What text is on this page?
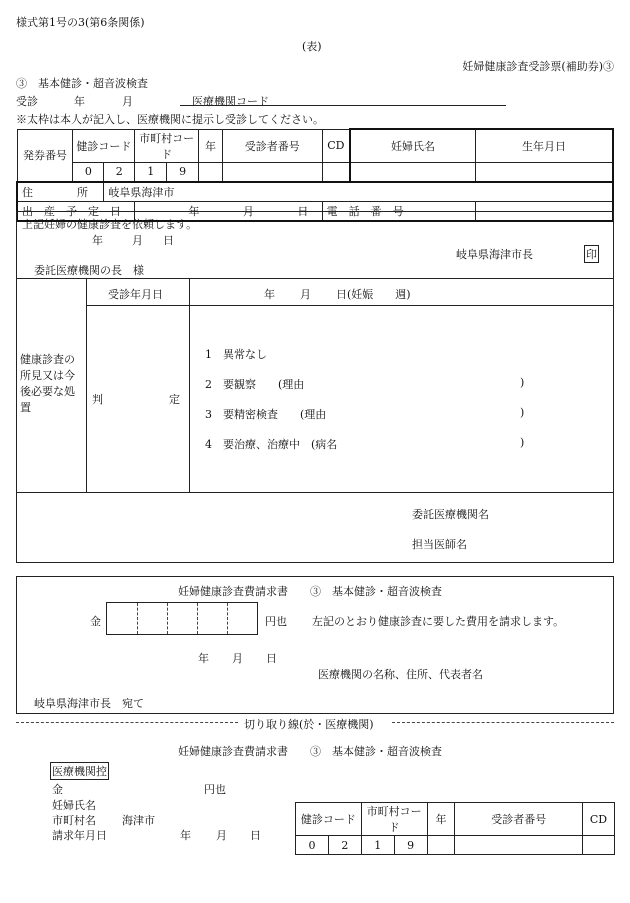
様式第1号の3(第6条関係)
(表)
妊婦健康診査受診票(補助券)③
③　基本健診・超音波検査
受診	年	月	医療機関コード
※太枠は本人が記入し、医療機関に提示し受診してください。
発券番号	健診コード		市町村コード		年	受診者番号	CD	妊婦氏名	生年月日
	0	2	1	9					
住　　　　所		岐阜県海津市							
出　産　予　定　日			年 月 日				電　話　番　号		
上記妊婦の健康診査を依頼します。
年	月 日
岐阜県海津市長	印
委託医療機関の長　様
受診年月日	年 月 日(妊娠　　週)
健康診査の所見又は今後必要な処置
判　　　　　　定
1　異常なし
2　要観察　　(理由	)
3　要精密検査　　(理由	)
4　要治療、治療中　(病名	)
委託医療機関名
担当医師名
妊婦健康診査費請求書　　③　基本健診・超音波検査
金	円也 左記のとおり健康診査に要した費用を請求します。
年 月 日
医療機関の名称、住所、代表者名
岐阜県海津市長　宛て
切り取り線(於・医療機関)
妊婦健康診査費請求書　　③　基本健診・超音波検査
医療機関控
金	円也
妊婦氏名
市町村名 海津市
請求年月日	年 月 日
健診コード		市町村コード		年	受診者番号	CD
0	2	1	9			
